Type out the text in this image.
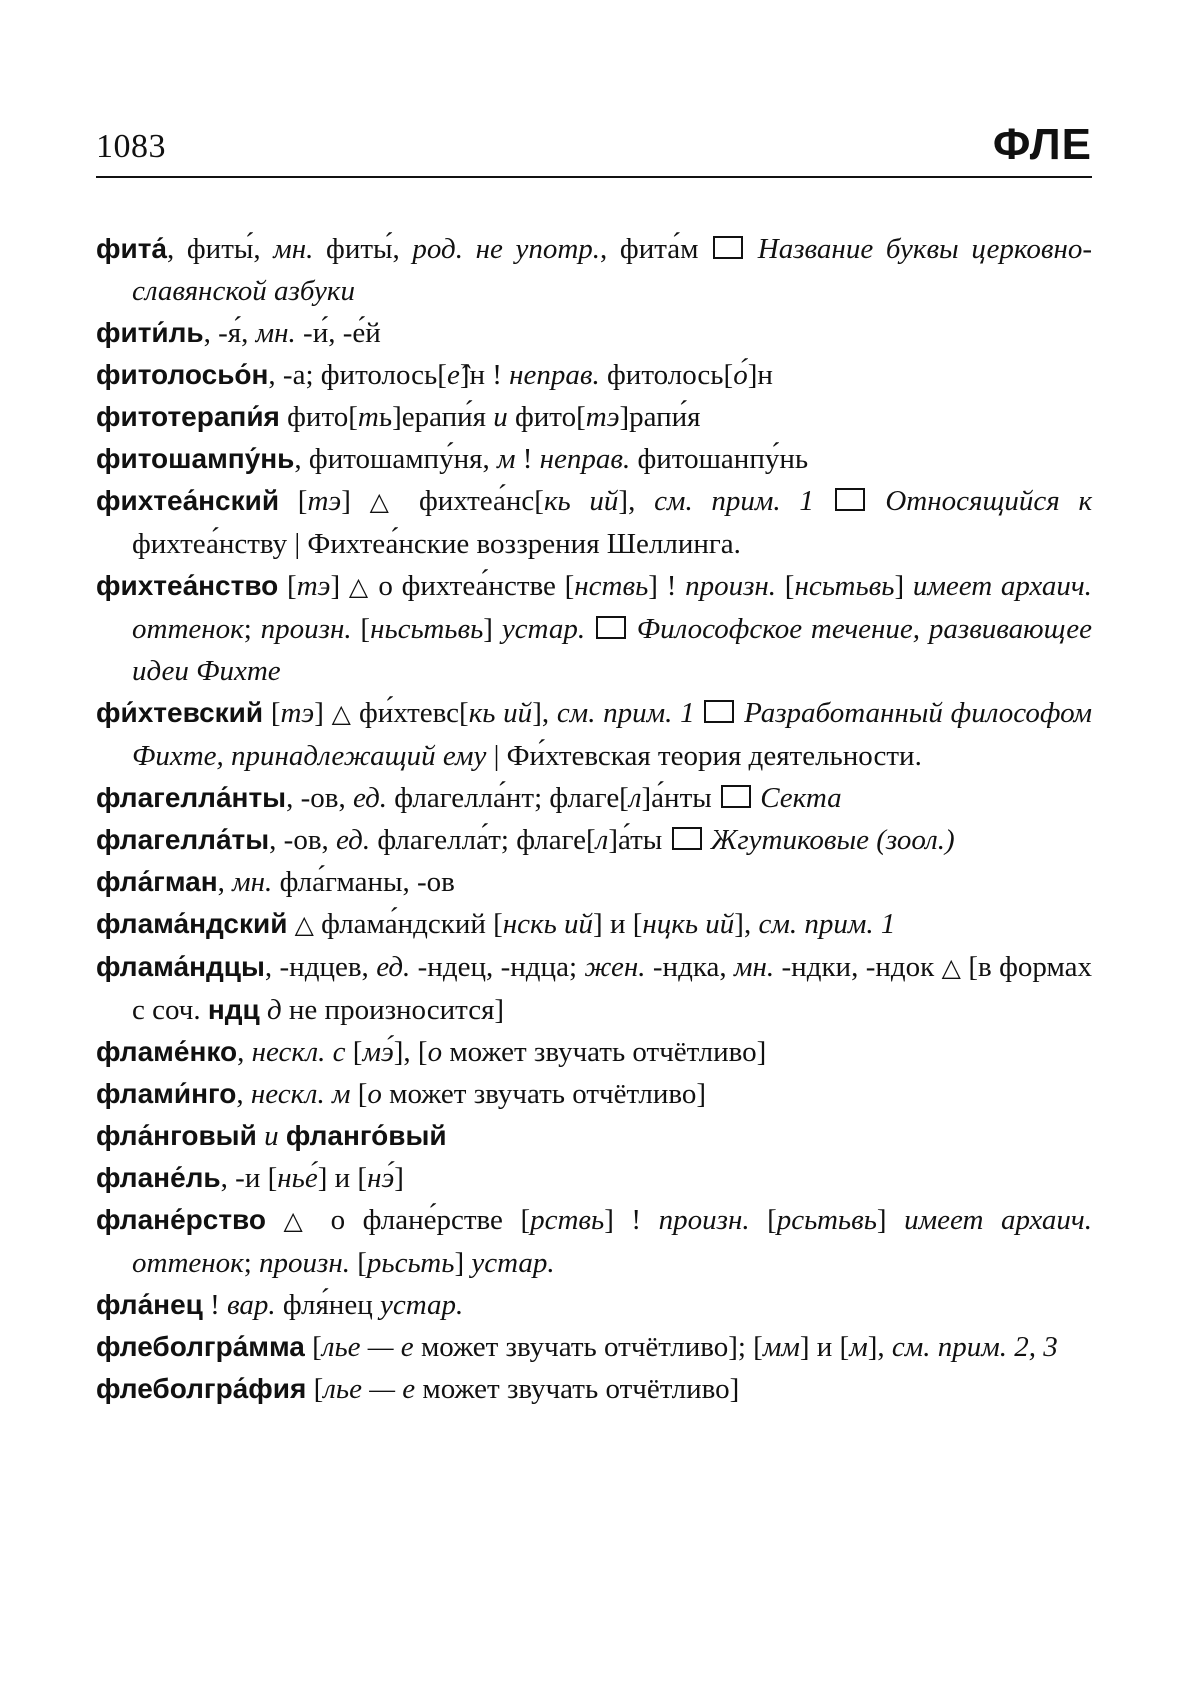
1083	ФЛЕ

фита́, фиты́, мн. фиты́, род. не употр., фита́м  Название буквы церковно-славянской азбуки

фити́ль, -я́, мн. -и́, -е́й

фитолосьо́н, -а; фитолось[е̂]н ! неправ. фитолось[о́]н

фитотерапи́я фито[ть]ерапи́я и фито[тэ]рапи́я

фитошампу́нь, фитошампу́ня, м ! неправ. фитошанпу́нь

фихтеа́нский [тэ] △ фихтеа́нс[кь ий], см. прим. 1 Относящийся к фихтеа́нству | Фихтеа́нские воззрения Шеллинга.

фихтеа́нство [тэ] △ о фихтеа́нстве [нствь] ! произн. [нсьтьвь] имеет архаич. оттенок; произн. [ньсьтьвь] устар. Философское течение, развивающее идеи Фихте

фи́хтевский [тэ] △ фи́хтевс[кь ий], см. прим. 1 Разработанный философом Фихте, принадлежащий ему | Фи́хтевская теория деятельности.

флагелла́нты, -ов, ед. флагелла́нт; флаге[л]а́нты  Секта

флагелла́ты, -ов, ед. флагелла́т; флаге[л]а́ты  Жгутиковые (зоол.)

фла́гман, мн. фла́гманы, -ов

флама́ндский △ флама́ндский [нскь ий] и [нцкь ий], см. прим. 1

флама́ндцы, -ндцев, ед. -ндец, -ндца; жен. -ндка, мн. -ндки, -ндок △ [в формах с соч. ндц д не произносится]

фламе́нко, нескл. с [мэ́], [о может звучать отчётливо]

флами́нго, нескл. м [о может звучать отчётливо]

фла́нговый и фланго́вый

флане́ль, -и [нье́] и [нэ́]

флане́рство △ о флане́рстве [рствь] ! произн. [рсьтьвь] имеет архаич. оттенок; произн. [рьсьть] устар.

фла́нец ! вар. фля́нец устар.

флеболгра́мма [льe — е может звучать отчётливо]; [мм] и [м], см. прим. 2, 3

флеболгра́фия [льe — е может звучать отчётливо]
